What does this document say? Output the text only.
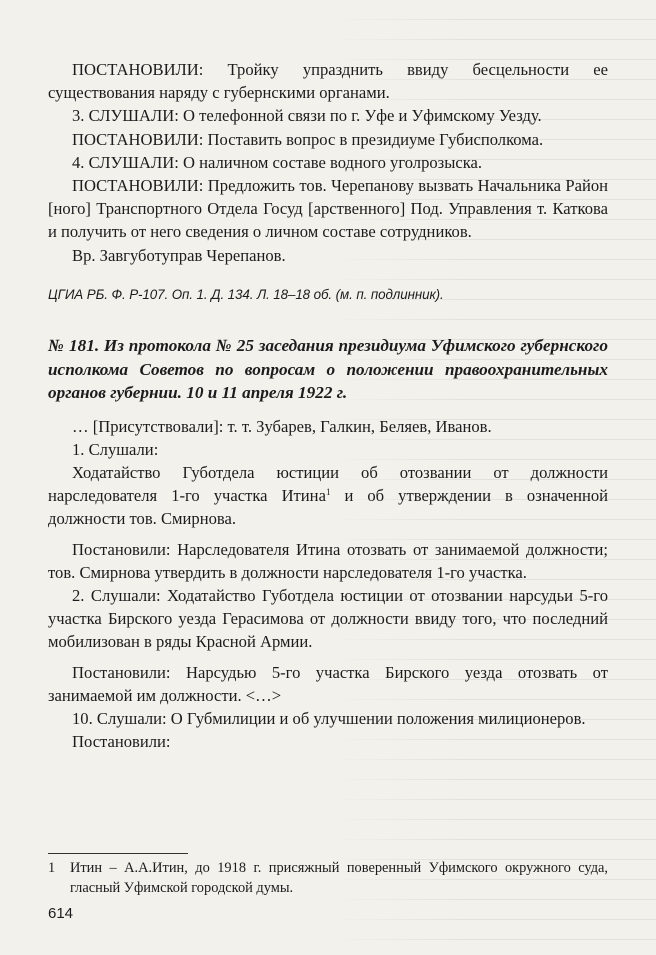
ПОСТАНОВИЛИ: Тройку упразднить ввиду бесцельности ее существования наряду с губернскими органами.

3. СЛУШАЛИ: О телефонной связи по г. Уфе и Уфимскому Уезду.

ПОСТАНОВИЛИ: Поставить вопрос в президиуме Губисполкома.

4. СЛУШАЛИ: О наличном составе водного уголрозыска.

ПОСТАНОВИЛИ: Предложить тов. Черепанову вызвать Начальника Район [ного] Транспортного Отдела Госуд [арственного] Под. Управления т. Каткова и получить от него сведения о личном составе сотрудников.

Вр. Завгуботуправ Черепанов.

ЦГИА РБ. Ф. Р-107. Оп. 1. Д. 134. Л. 18–18 об. (м. п. подлинник).

№ 181. Из протокола № 25 заседания президиума Уфимского губернского исполкома Советов по вопросам о положении правоохранительных органов губернии. 10 и 11 апреля 1922 г.

… [Присутствовали]: т. т. Зубарев, Галкин, Беляев, Иванов.

1. Слушали:

Ходатайство Губотдела юстиции об отозвании от должности нарследователя 1-го участка Итина$^1$ и об утверждении в означенной должности тов. Смирнова.

Постановили: Нарследователя Итина отозвать от занимаемой должности; тов. Смирнова утвердить в должности нарследователя 1-го участка.

2. Слушали: Ходатайство Губотдела юстиции от отозвании нарсудьи 5-го участка Бирского уезда Герасимова от должности ввиду того, что последний мобилизован в ряды Красной Армии.

Постановили: Нарсудью 5-го участка Бирского уезда отозвать от занимаемой им должности. <…>

10. Слушали: О Губмилиции и об улучшении положения милиционеров.

Постановили:

1 Итин – А.А.Итин, до 1918 г. присяжный поверенный Уфимского окружного суда, гласный Уфимской городской думы.
614
